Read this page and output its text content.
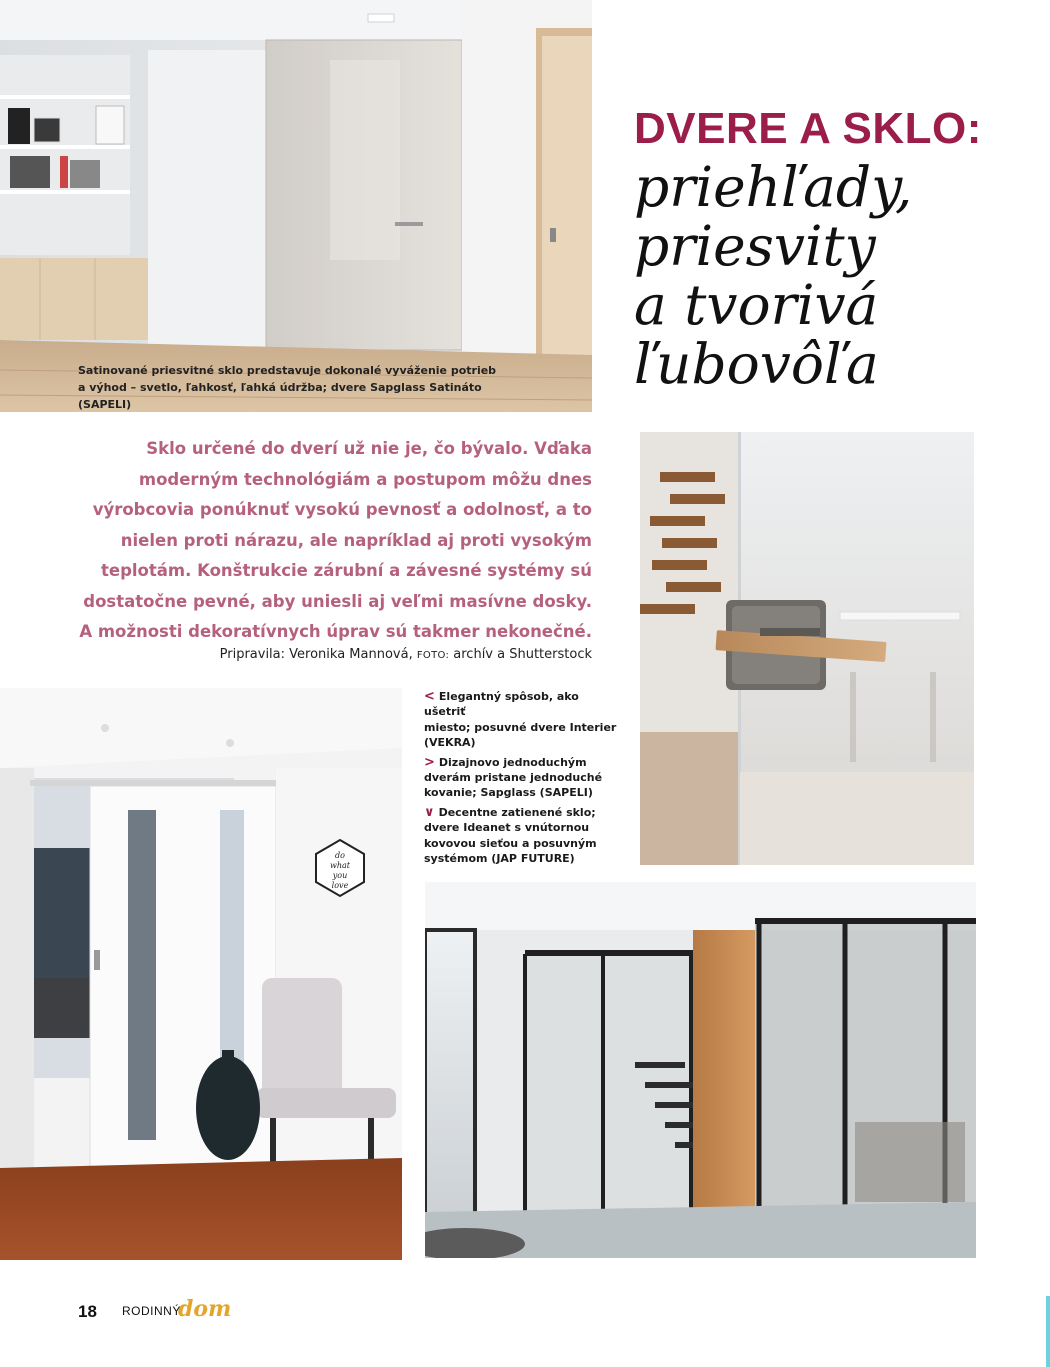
Satinované priesvitné sklo predstavuje dokonalé vyváženie potrieb
a výhod – svetlo, ľahkosť, ľahká údržba; dvere Sapglass Satináto (SAPELI)
DVERE A SKLO:
priehľady,
priesvity
a tvorivá
ľubovôľa
Sklo určené do dverí už nie je, čo bývalo. Vďaka
moderným technológiám a postupom môžu dnes
výrobcovia ponúknuť vysokú pevnosť a odolnosť, a to
nielen proti nárazu, ale napríklad aj proti vysokým
teplotám. Konštrukcie zárubní a závesné systémy sú
dostatočne pevné, aby uniesli aj veľmi masívne dosky.
A možnosti dekoratívnych úprav sú takmer nekonečné.
Pripravila: Veronika Mannová, FOTO: archív a Shutterstock
do
what
you
love
< Elegantný spôsob, ako ušetriť
miesto; posuvné dvere Interier
(VEKRA)
> Dizajnovo jednoduchým
dverám pristane jednoduché
kovanie; Sapglass (SAPELI)
∨ Decentne zatienené sklo;
dvere Ideanet s vnútornou
kovovou sieťou a posuvným
systémom (JAP FUTURE)
18 RODINNÝ
dom
